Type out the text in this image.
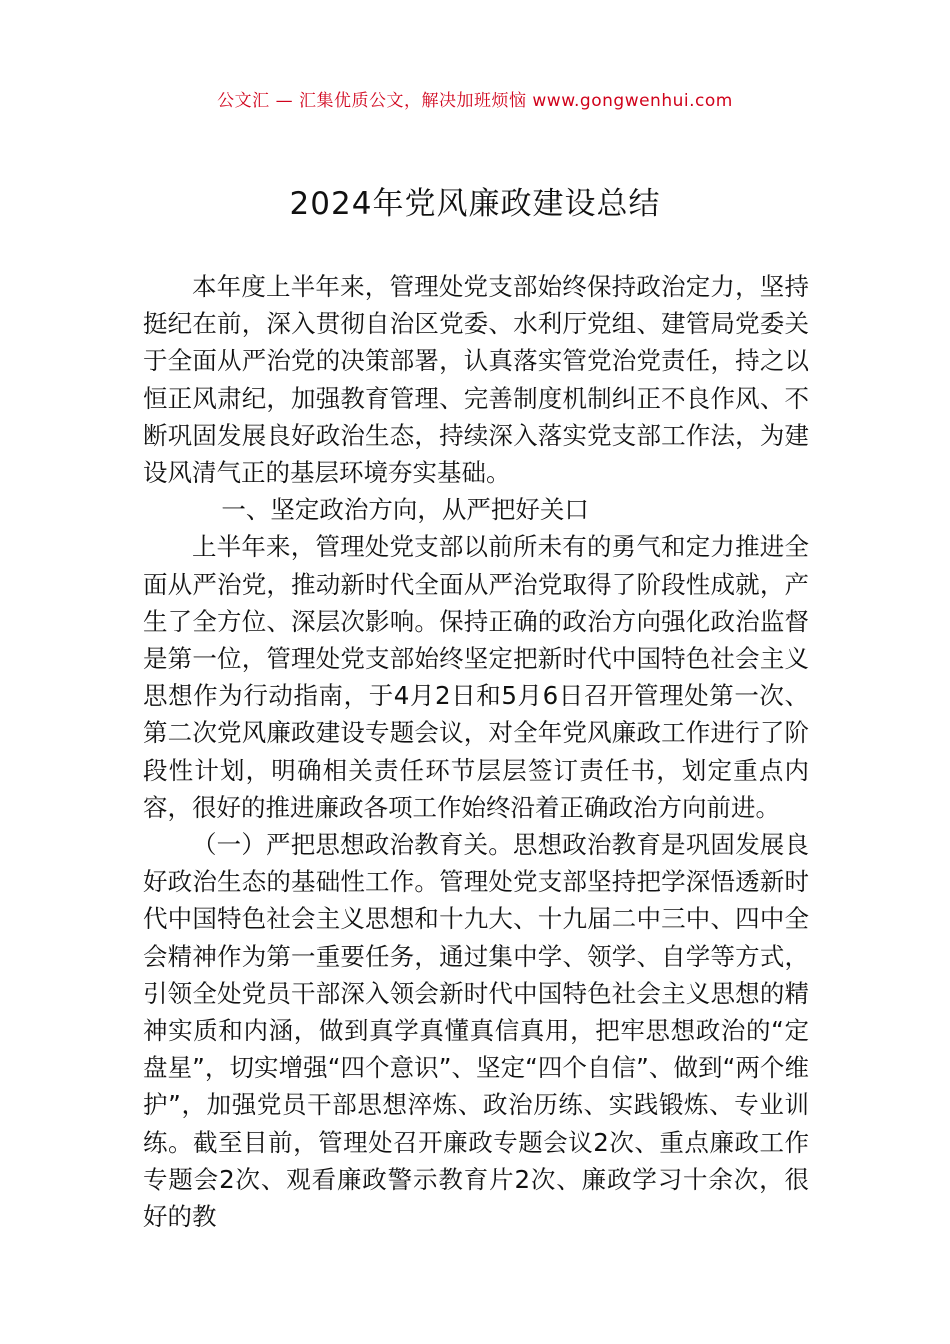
公文汇 — 汇集优质公文，解决加班烦恼 www.gongwenhui.com
2024年党风廉政建设总结

本年度上半年来，管理处党支部始终保持政治定力，坚持挺纪在前，深入贯彻自治区党委、水利厅党组、建管局党委关于全面从严治党的决策部署，认真落实管党治党责任，持之以恒正风肃纪，加强教育管理、完善制度机制纠正不良作风、不断巩固发展良好政治生态，持续深入落实党支部工作法，为建设风清气正的基层环境夯实基础。

一、坚定政治方向，从严把好关口

上半年来，管理处党支部以前所未有的勇气和定力推进全面从严治党，推动新时代全面从严治党取得了阶段性成就，产生了全方位、深层次影响。保持正确的政治方向强化政治监督是第一位，管理处党支部始终坚定把新时代中国特色社会主义思想作为行动指南，于4月2日和5月6日召开管理处第一次、第二次党风廉政建设专题会议，对全年党风廉政工作进行了阶段性计划，明确相关责任环节层层签订责任书，划定重点内容，很好的推进廉政各项工作始终沿着正确政治方向前进。

（一）严把思想政治教育关。思想政治教育是巩固发展良好政治生态的基础性工作。管理处党支部坚持把学深悟透新时代中国特色社会主义思想和十九大、十九届二中三中、四中全会精神作为第一重要任务，通过集中学、领学、自学等方式，引领全处党员干部深入领会新时代中国特色社会主义思想的精神实质和内涵，做到真学真懂真信真用，把牢思想政治的“定盘星”，切实增强“四个意识”、坚定“四个自信”、做到“两个维护”，加强党员干部思想淬炼、政治历练、实践锻炼、专业训练。截至目前，管理处召开廉政专题会议2次、重点廉政工作专题会2次、观看廉政警示教育片2次、廉政学习十余次，很好的教
